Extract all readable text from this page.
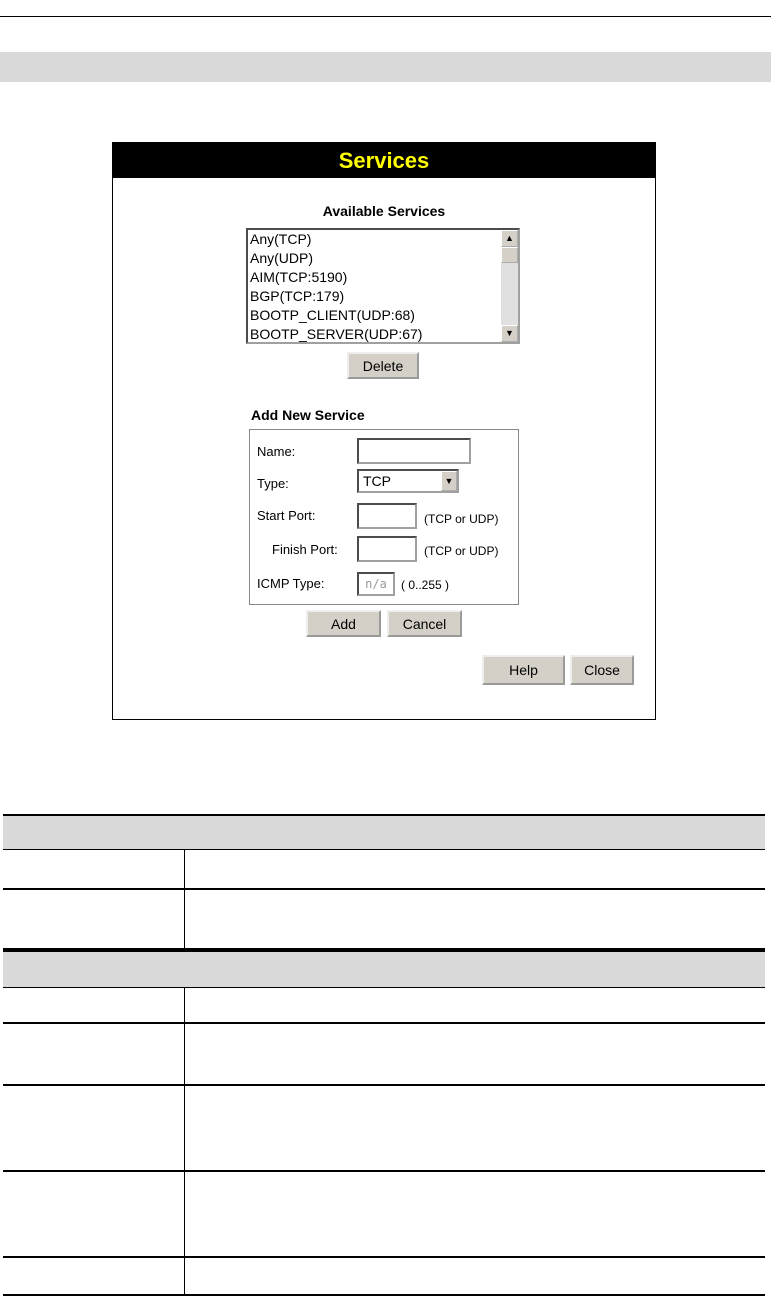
Services
Available Services
Any(TCP)
Any(UDP)
AIM(TCP:5190)
BGP(TCP:179)
BOOTP_CLIENT(UDP:68)
BOOTP_SERVER(UDP:67)
▲
▼
Delete
Add New Service
Name:
Type:	TCP	▼
Start Port:	(TCP or UDP)
Finish Port:	(TCP or UDP)
ICMP Type:	n/a	( 0..255 )
Add	Cancel
Help	Close
